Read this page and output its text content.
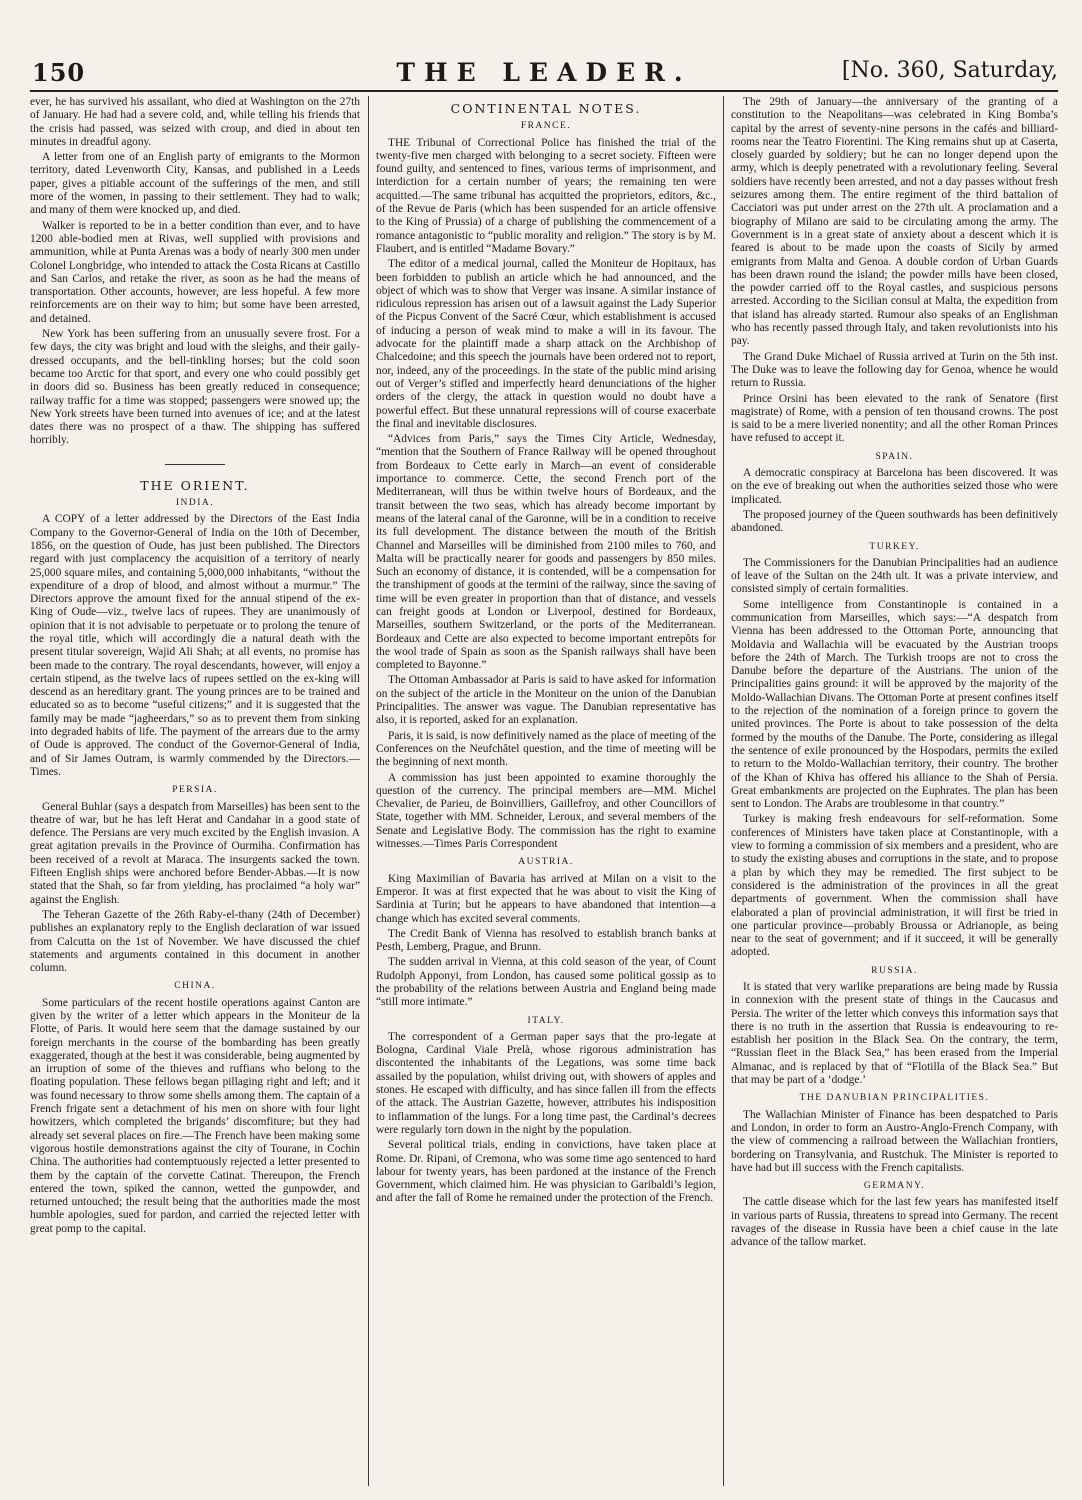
150	THE LEADER.	[No. 360, Saturday,

ever, he has survived his assailant, who died at Washington on the 27th of January. He had had a severe cold, and, while telling his friends that the crisis had passed, was seized with croup, and died in about ten minutes in dreadful agony.

A letter from one of an English party of emigrants to the Mormon territory, dated Levenworth City, Kansas, and published in a Leeds paper, gives a pitiable account of the sufferings of the men, and still more of the women, in passing to their settlement. They had to walk; and many of them were knocked up, and died.

Walker is reported to be in a better condition than ever, and to have 1200 able-bodied men at Rivas, well supplied with provisions and ammunition, while at Punta Arenas was a body of nearly 300 men under Colonel Longbridge, who intended to attack the Costa Ricans at Castillo and San Carlos, and retake the river, as soon as he had the means of transportation. Other accounts, however, are less hopeful. A few more reinforcements are on their way to him; but some have been arrested, and detained.

New York has been suffering from an unusually severe frost. For a few days, the city was bright and loud with the sleighs, and their gaily-dressed occupants, and the bell-tinkling horses; but the cold soon became too Arctic for that sport, and every one who could possibly get in doors did so. Business has been greatly reduced in consequence; railway traffic for a time was stopped; passengers were snowed up; the New York streets have been turned into avenues of ice; and at the latest dates there was no prospect of a thaw. The shipping has suffered horribly.

THE ORIENT.
INDIA.

A COPY of a letter addressed by the Directors of the East India Company to the Governor-General of India on the 10th of December, 1856, on the question of Oude, has just been published. The Directors regard with just complacency the acquisition of a territory of nearly 25,000 square miles, and containing 5,000,000 inhabitants, “without the expenditure of a drop of blood, and almost without a murmur.” The Directors approve the amount fixed for the annual stipend of the ex-King of Oude—viz., twelve lacs of rupees. They are unanimously of opinion that it is not advisable to perpetuate or to prolong the tenure of the royal title, which will accordingly die a natural death with the present titular sovereign, Wajid Ali Shah; at all events, no promise has been made to the contrary. The royal descendants, however, will enjoy a certain stipend, as the twelve lacs of rupees settled on the ex-king will descend as an hereditary grant. The young princes are to be trained and educated so as to become “useful citizens;” and it is suggested that the family may be made “jagheerdars,” so as to prevent them from sinking into degraded habits of life. The payment of the arrears due to the army of Oude is approved. The conduct of the Governor-General of India, and of Sir James Outram, is warmly commended by the Directors.—Times.

PERSIA.

General Buhlar (says a despatch from Marseilles) has been sent to the theatre of war, but he has left Herat and Candahar in a good state of defence. The Persians are very much excited by the English invasion. A great agitation prevails in the Province of Ourmiha. Confirmation has been received of a revolt at Maraca. The insurgents sacked the town. Fifteen English ships were anchored before Bender-Abbas.—It is now stated that the Shah, so far from yielding, has proclaimed “a holy war” against the English.

The Teheran Gazette of the 26th Raby-el-thany (24th of December) publishes an explanatory reply to the English declaration of war issued from Calcutta on the 1st of November. We have discussed the chief statements and arguments contained in this document in another column.

CHINA.

Some particulars of the recent hostile operations against Canton are given by the writer of a letter which appears in the Moniteur de la Flotte, of Paris. It would here seem that the damage sustained by our foreign merchants in the course of the bombarding has been greatly exaggerated, though at the best it was considerable, being augmented by an irruption of some of the thieves and ruffians who belong to the floating population. These fellows began pillaging right and left; and it was found necessary to throw some shells among them. The captain of a French frigate sent a detachment of his men on shore with four light howitzers, which completed the brigands’ discomfiture; but they had already set several places on fire.—The French have been making some vigorous hostile demonstrations against the city of Tourane, in Cochin China. The authorities had contemptuously rejected a letter presented to them by the captain of the corvette Catinat. Thereupon, the French entered the town, spiked the cannon, wetted the gunpowder, and returned untouched; the result being that the authorities made the most humble apologies, sued for pardon, and carried the rejected letter with great pomp to the capital.

CONTINENTAL NOTES.
FRANCE.

THE Tribunal of Correctional Police has finished the trial of the twenty-five men charged with belonging to a secret society. Fifteen were found guilty, and sentenced to fines, various terms of imprisonment, and interdiction for a certain number of years; the remaining ten were acquitted.—The same tribunal has acquitted the proprietors, editors, &c., of the Revue de Paris (which has been suspended for an article offensive to the King of Prussia) of a charge of publishing the commencement of a romance antagonistic to “public morality and religion.” The story is by M. Flaubert, and is entitled “Madame Bovary.”

The editor of a medical journal, called the Moniteur de Hopitaux, has been forbidden to publish an article which he had announced, and the object of which was to show that Verger was insane. A similar instance of ridiculous repression has arisen out of a lawsuit against the Lady Superior of the Picpus Convent of the Sacré Cœur, which establishment is accused of inducing a person of weak mind to make a will in its favour. The advocate for the plaintiff made a sharp attack on the Archbishop of Chalcedoine; and this speech the journals have been ordered not to report, nor, indeed, any of the proceedings. In the state of the public mind arising out of Verger’s stifled and imperfectly heard denunciations of the higher orders of the clergy, the attack in question would no doubt have a powerful effect. But these unnatural repressions will of course exacerbate the final and inevitable disclosures.

“Advices from Paris,” says the Times City Article, Wednesday, “mention that the Southern of France Railway will be opened throughout from Bordeaux to Cette early in March—an event of considerable importance to commerce. Cette, the second French port of the Mediterranean, will thus be within twelve hours of Bordeaux, and the transit between the two seas, which has already become important by means of the lateral canal of the Garonne, will be in a condition to receive its full development. The distance between the mouth of the British Channel and Marseilles will be diminished from 2100 miles to 760, and Malta will be practically nearer for goods and passengers by 850 miles. Such an economy of distance, it is contended, will be a compensation for the transhipment of goods at the termini of the railway, since the saving of time will be even greater in proportion than that of distance, and vessels can freight goods at London or Liverpool, destined for Bordeaux, Marseilles, southern Switzerland, or the ports of the Mediterranean. Bordeaux and Cette are also expected to become important entrepôts for the wool trade of Spain as soon as the Spanish railways shall have been completed to Bayonne.”

The Ottoman Ambassador at Paris is said to have asked for information on the subject of the article in the Moniteur on the union of the Danubian Principalities. The answer was vague. The Danubian representative has also, it is reported, asked for an explanation.

Paris, it is said, is now definitively named as the place of meeting of the Conferences on the Neufchâtel question, and the time of meeting will be the beginning of next month.

A commission has just been appointed to examine thoroughly the question of the currency. The principal members are—MM. Michel Chevalier, de Parieu, de Boinvilliers, Gaillefroy, and other Councillors of State, together with MM. Schneider, Leroux, and several members of the Senate and Legislative Body. The commission has the right to examine witnesses.—Times Paris Correspondent

AUSTRIA.

King Maximilian of Bavaria has arrived at Milan on a visit to the Emperor. It was at first expected that he was about to visit the King of Sardinia at Turin; but he appears to have abandoned that intention—a change which has excited several comments.

The Credit Bank of Vienna has resolved to establish branch banks at Pesth, Lemberg, Prague, and Brunn.

The sudden arrival in Vienna, at this cold season of the year, of Count Rudolph Apponyi, from London, has caused some political gossip as to the probability of the relations between Austria and England being made “still more intimate.”

ITALY.

The correspondent of a German paper says that the pro-legate at Bologna, Cardinal Viale Prelà, whose rigorous administration has discontented the inhabitants of the Legations, was some time back assailed by the population, whilst driving out, with showers of apples and stones. He escaped with difficulty, and has since fallen ill from the effects of the attack. The Austrian Gazette, however, attributes his indisposition to inflammation of the lungs. For a long time past, the Cardinal’s decrees were regularly torn down in the night by the population.

Several political trials, ending in convictions, have taken place at Rome. Dr. Ripani, of Cremona, who was some time ago sentenced to hard labour for twenty years, has been pardoned at the instance of the French Government, which claimed him. He was physician to Garibaldi’s legion, and after the fall of Rome he remained under the protection of the French.

The 29th of January—the anniversary of the granting of a constitution to the Neapolitans—was celebrated in King Bomba’s capital by the arrest of seventy-nine persons in the cafés and billiard-rooms near the Teatro Fiorentini. The King remains shut up at Caserta, closely guarded by soldiery; but he can no longer depend upon the army, which is deeply penetrated with a revolutionary feeling. Several soldiers have recently been arrested, and not a day passes without fresh seizures among them. The entire regiment of the third battalion of Cacciatori was put under arrest on the 27th ult. A proclamation and a biography of Milano are said to be circulating among the army. The Government is in a great state of anxiety about a descent which it is feared is about to be made upon the coasts of Sicily by armed emigrants from Malta and Genoa. A double cordon of Urban Guards has been drawn round the island; the powder mills have been closed, the powder carried off to the Royal castles, and suspicious persons arrested. According to the Sicilian consul at Malta, the expedition from that island has already started. Rumour also speaks of an Englishman who has recently passed through Italy, and taken revolutionists into his pay.

The Grand Duke Michael of Russia arrived at Turin on the 5th inst. The Duke was to leave the following day for Genoa, whence he would return to Russia.

Prince Orsini has been elevated to the rank of Senatore (first magistrate) of Rome, with a pension of ten thousand crowns. The post is said to be a mere liveried nonentity; and all the other Roman Princes have refused to accept it.

SPAIN.

A democratic conspiracy at Barcelona has been discovered. It was on the eve of breaking out when the authorities seized those who were implicated.

The proposed journey of the Queen southwards has been definitively abandoned.

TURKEY.

The Commissioners for the Danubian Principalities had an audience of leave of the Sultan on the 24th ult. It was a private interview, and consisted simply of certain formalities.

Some intelligence from Constantinople is contained in a communication from Marseilles, which says:—“A despatch from Vienna has been addressed to the Ottoman Porte, announcing that Moldavia and Wallachia will be evacuated by the Austrian troops before the 24th of March. The Turkish troops are not to cross the Danube before the departure of the Austrians. The union of the Principalities gains ground: it will be approved by the majority of the Moldo-Wallachian Divans. The Ottoman Porte at present confines itself to the rejection of the nomination of a foreign prince to govern the united provinces. The Porte is about to take possession of the delta formed by the mouths of the Danube. The Porte, considering as illegal the sentence of exile pronounced by the Hospodars, permits the exiled to return to the Moldo-Wallachian territory, their country. The brother of the Khan of Khiva has offered his alliance to the Shah of Persia. Great embankments are projected on the Euphrates. The plan has been sent to London. The Arabs are troublesome in that country.”

Turkey is making fresh endeavours for self-reformation. Some conferences of Ministers have taken place at Constantinople, with a view to forming a commission of six members and a president, who are to study the existing abuses and corruptions in the state, and to propose a plan by which they may be remedied. The first subject to be considered is the administration of the provinces in all the great departments of government. When the commission shall have elaborated a plan of provincial administration, it will first be tried in one particular province—probably Broussa or Adrianople, as being near to the seat of government; and if it succeed, it will be generally adopted.

RUSSIA.

It is stated that very warlike preparations are being made by Russia in connexion with the present state of things in the Caucasus and Persia. The writer of the letter which conveys this information says that there is no truth in the assertion that Russia is endeavouring to re-establish her position in the Black Sea. On the contrary, the term, “Russian fleet in the Black Sea,” has been erased from the Imperial Almanac, and is replaced by that of “Flotilla of the Black Sea.” But that may be part of a ‘dodge.’

THE DANUBIAN PRINCIPALITIES.

The Wallachian Minister of Finance has been despatched to Paris and London, in order to form an Austro-Anglo-French Company, with the view of commencing a railroad between the Wallachian frontiers, bordering on Transylvania, and Rustchuk. The Minister is reported to have had but ill success with the French capitalists.

GERMANY.

The cattle disease which for the last few years has manifested itself in various parts of Russia, threatens to spread into Germany. The recent ravages of the disease in Russia have been a chief cause in the late advance of the tallow market.
